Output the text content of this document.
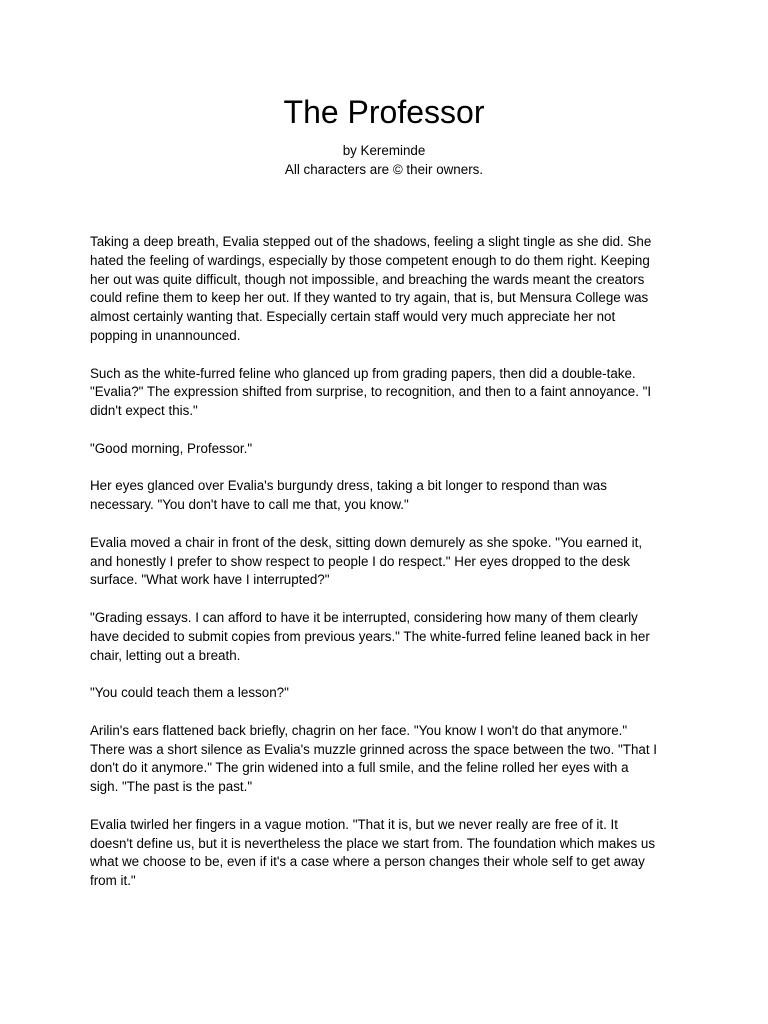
The Professor
by Kereminde
All characters are © their owners.

Taking a deep breath, Evalia stepped out of the shadows, feeling a slight tingle as she did. She
hated the feeling of wardings, especially by those competent enough to do them right. Keeping
her out was quite difficult, though not impossible, and breaching the wards meant the creators
could refine them to keep her out. If they wanted to try again, that is, but Mensura College was
almost certainly wanting that. Especially certain staff would very much appreciate her not
popping in unannounced.

Such as the white-furred feline who glanced up from grading papers, then did a double-take.
"Evalia?" The expression shifted from surprise, to recognition, and then to a faint annoyance. "I
didn't expect this."

"Good morning, Professor."

Her eyes glanced over Evalia's burgundy dress, taking a bit longer to respond than was
necessary. "You don't have to call me that, you know."

Evalia moved a chair in front of the desk, sitting down demurely as she spoke. "You earned it,
and honestly I prefer to show respect to people I do respect." Her eyes dropped to the desk
surface. "What work have I interrupted?"

"Grading essays. I can afford to have it be interrupted, considering how many of them clearly
have decided to submit copies from previous years." The white-furred feline leaned back in her
chair, letting out a breath.

"You could teach them a lesson?"

Arilin's ears flattened back briefly, chagrin on her face. "You know I won't do that anymore."
There was a short silence as Evalia's muzzle grinned across the space between the two. "That I
don't do it anymore." The grin widened into a full smile, and the feline rolled her eyes with a
sigh. "The past is the past."

Evalia twirled her fingers in a vague motion. "That it is, but we never really are free of it. It
doesn't define us, but it is nevertheless the place we start from. The foundation which makes us
what we choose to be, even if it's a case where a person changes their whole self to get away
from it."
